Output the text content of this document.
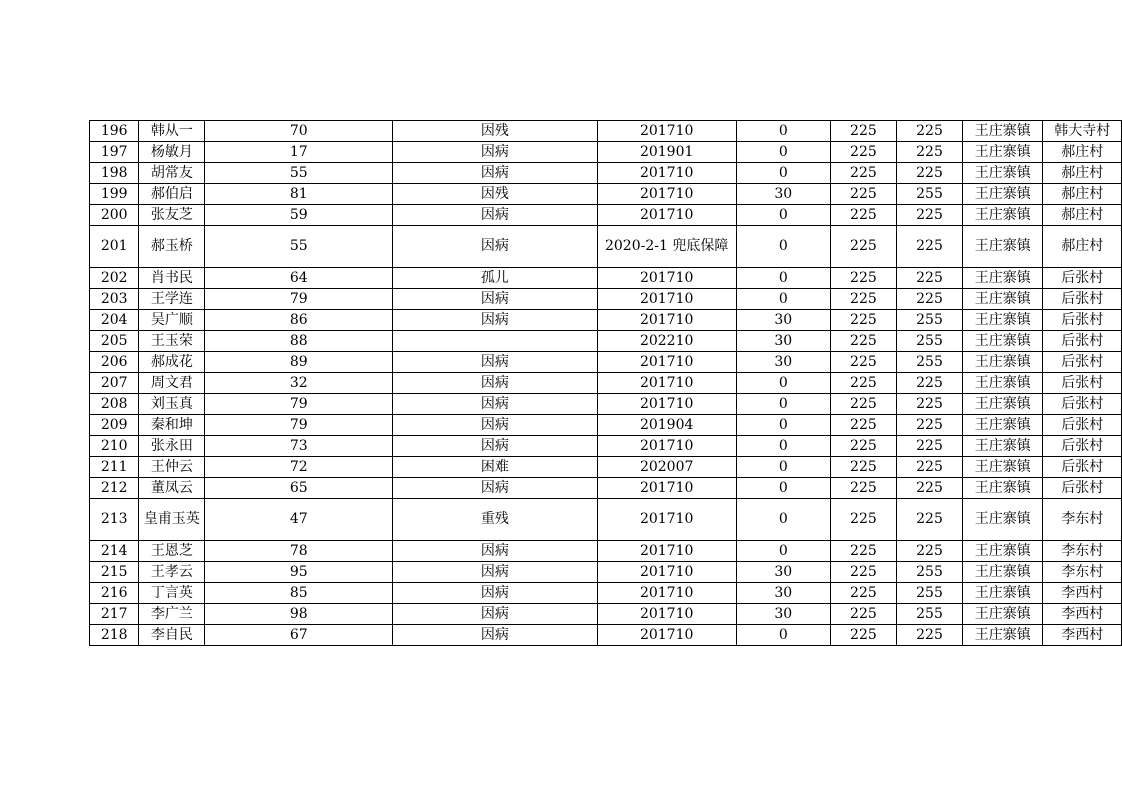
196	韩从一	70	因残	201710	0	225	225	王庄寨镇	韩大寺村
197	杨敏月	17	因病	201901	0	225	225	王庄寨镇	郝庄村
198	胡常友	55	因病	201710	0	225	225	王庄寨镇	郝庄村
199	郝伯启	81	因残	201710	30	225	255	王庄寨镇	郝庄村
200	张友芝	59	因病	201710	0	225	225	王庄寨镇	郝庄村
201	郝玉桥	55	因病	2020-2-1 兜底保障	0	225	225	王庄寨镇	郝庄村
202	肖书民	64	孤儿	201710	0	225	225	王庄寨镇	后张村
203	王学连	79	因病	201710	0	225	225	王庄寨镇	后张村
204	吴广顺	86	因病	201710	30	225	255	王庄寨镇	后张村
205	王玉荣	88		202210	30	225	255	王庄寨镇	后张村
206	郝成花	89	因病	201710	30	225	255	王庄寨镇	后张村
207	周文君	32	因病	201710	0	225	225	王庄寨镇	后张村
208	刘玉真	79	因病	201710	0	225	225	王庄寨镇	后张村
209	秦和坤	79	因病	201904	0	225	225	王庄寨镇	后张村
210	张永田	73	因病	201710	0	225	225	王庄寨镇	后张村
211	王仲云	72	困难	202007	0	225	225	王庄寨镇	后张村
212	董凤云	65	因病	201710	0	225	225	王庄寨镇	后张村
213	皇甫玉英	47	重残	201710	0	225	225	王庄寨镇	李东村
214	王恩芝	78	因病	201710	0	225	225	王庄寨镇	李东村
215	王孝云	95	因病	201710	30	225	255	王庄寨镇	李东村
216	丁言英	85	因病	201710	30	225	255	王庄寨镇	李西村
217	李广兰	98	因病	201710	30	225	255	王庄寨镇	李西村
218	李自民	67	因病	201710	0	225	225	王庄寨镇	李西村
